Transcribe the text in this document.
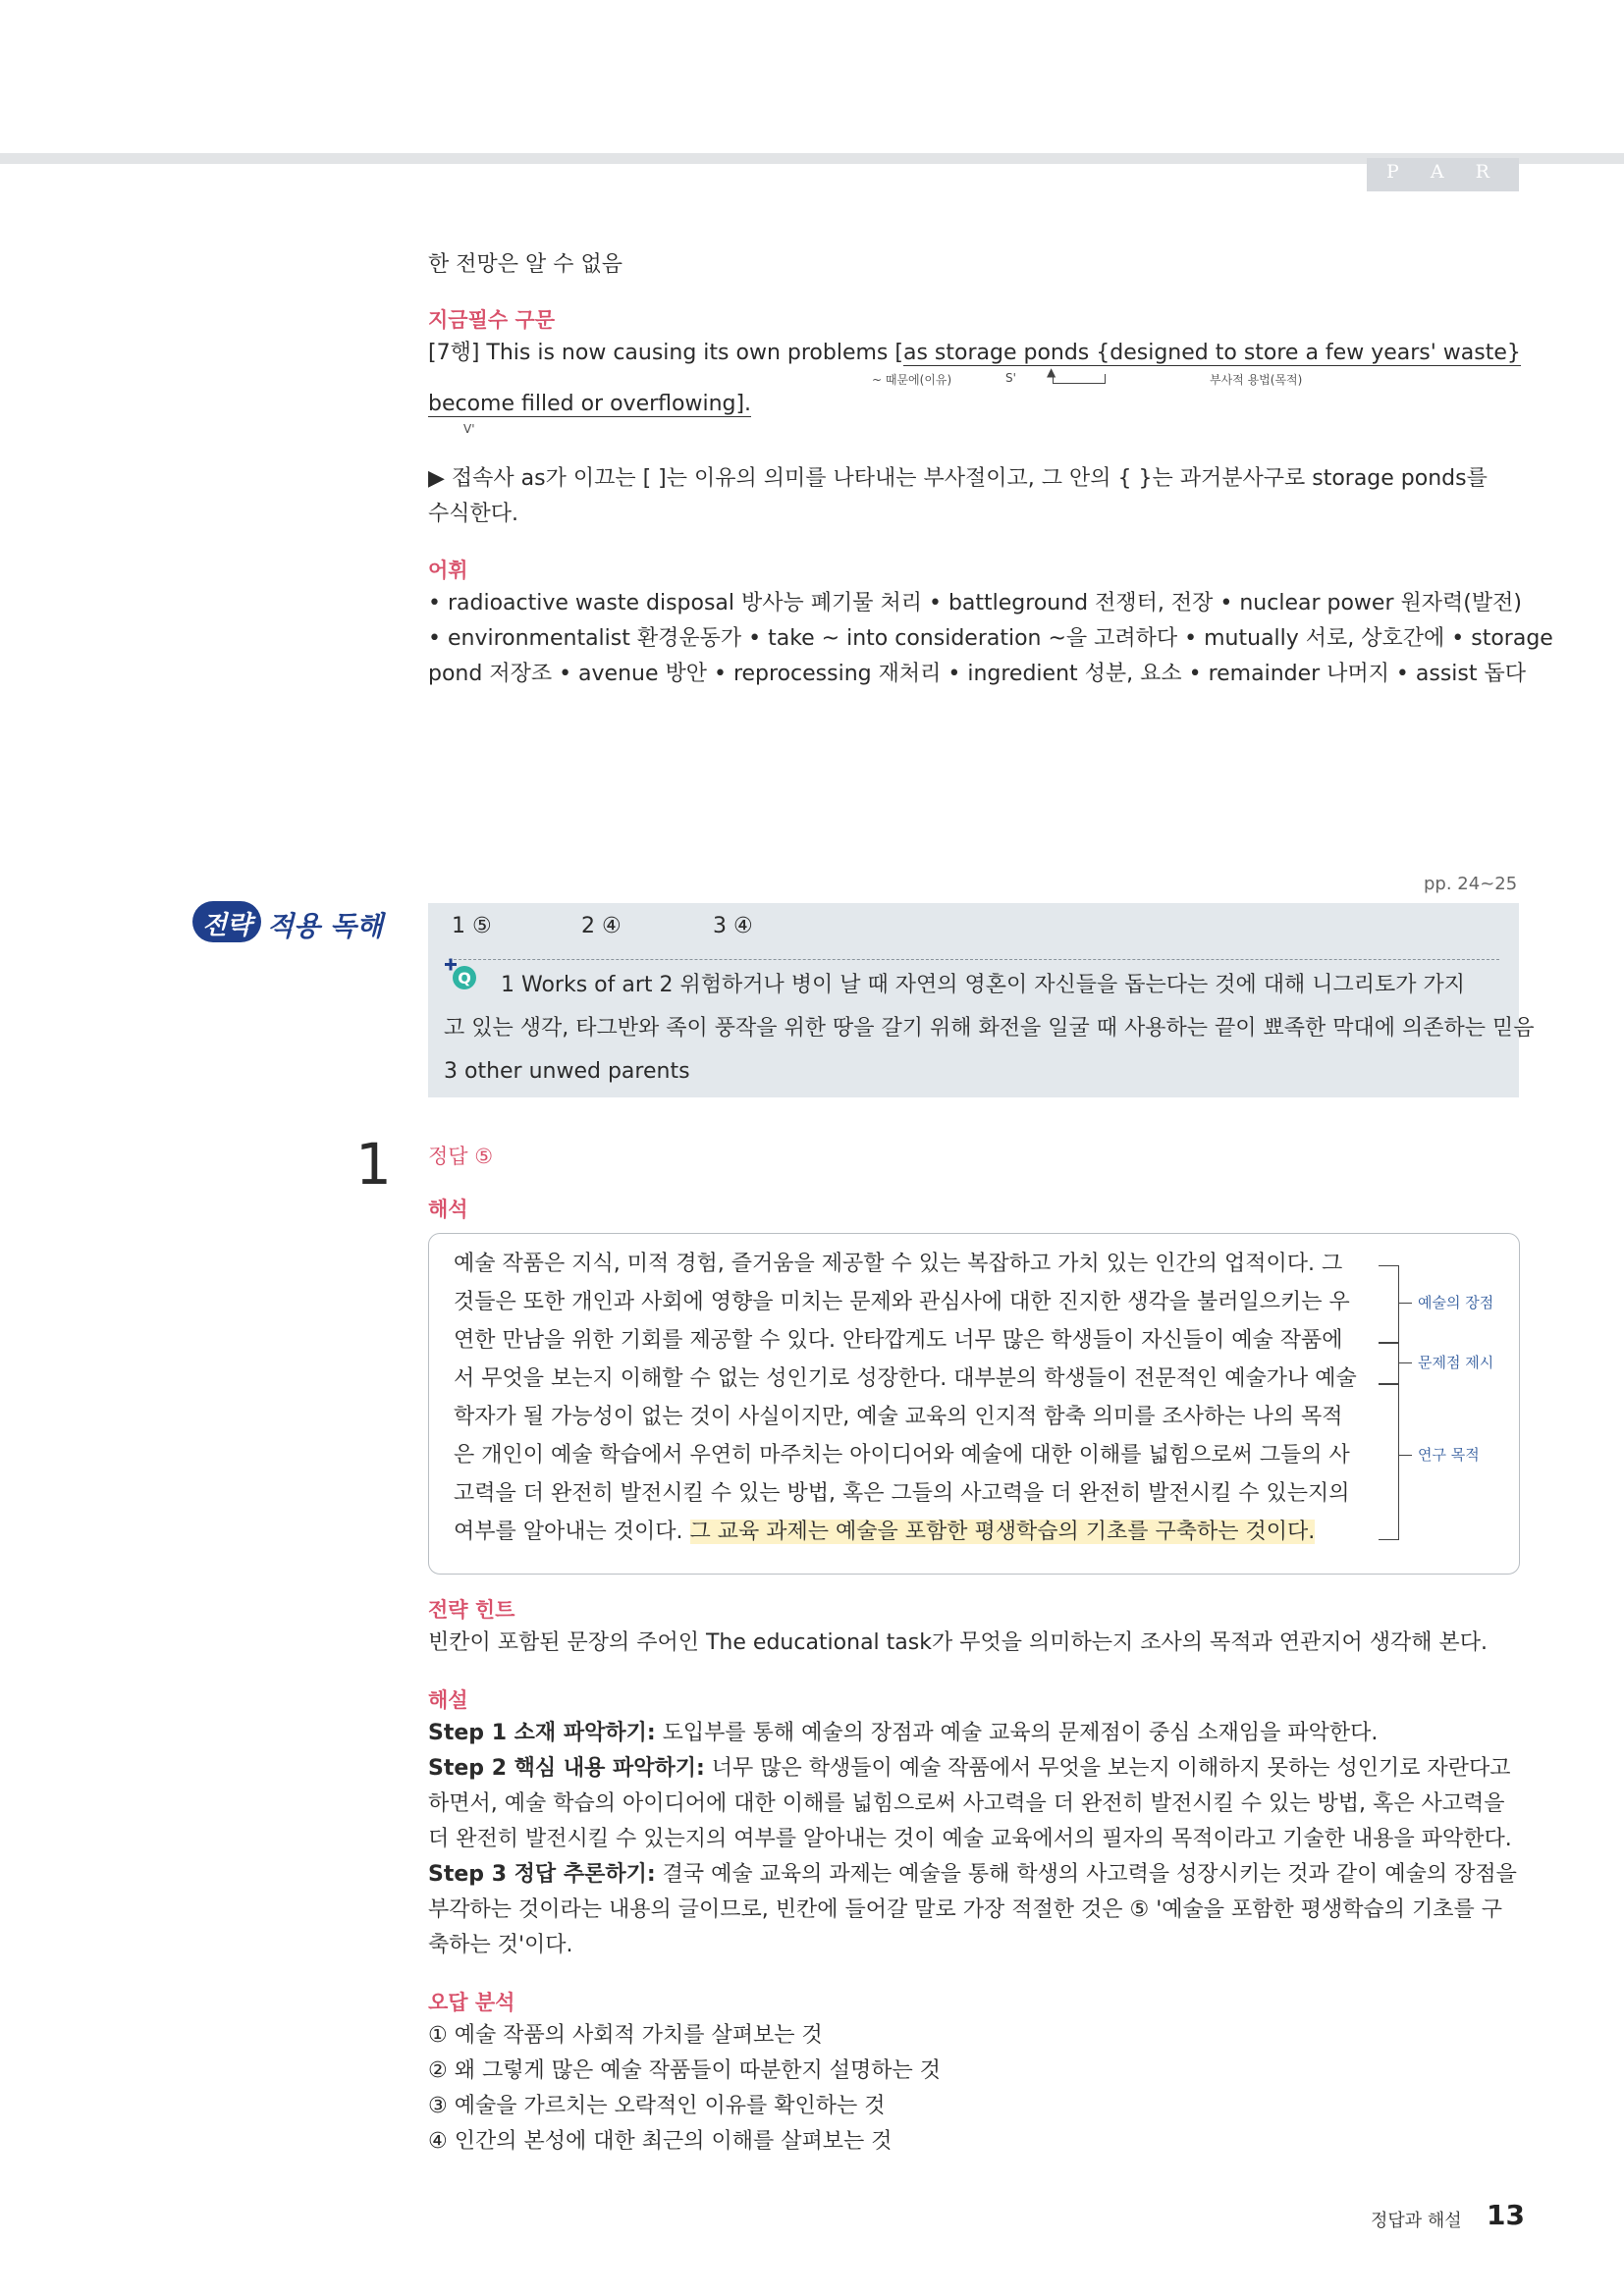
P A R T I
한 전망은 알 수 없음
지금필수 구문
[7행] This is now causing its own problems [as storage ponds {designed to store a few years' waste}
~ 때문에(이유)	S'	부사적 용법(목적)
▲
become filled or overflowing].
V'
▶ 접속사 as가 이끄는 [ ]는 이유의 의미를 나타내는 부사절이고, 그 안의 { }는 과거분사구로 storage ponds를
수식한다.
어휘
• radioactive waste disposal 방사능 폐기물 처리 • battleground 전쟁터, 전장 • nuclear power 원자력(발전)
• environmentalist 환경운동가 • take ~ into consideration ~을 고려하다 • mutually 서로, 상호간에 • storage
pond 저장조 • avenue 방안 • reprocessing 재처리 • ingredient 성분, 요소 • remainder 나머지 • assist 돕다
전략 적용 독해
pp. 24~25
1 ⑤	2 ④	3 ④
Q 1 Works of art 2 위험하거나 병이 날 때 자연의 영혼이 자신들을 돕는다는 것에 대해 니그리토가 가지
고 있는 생각, 타그반와 족이 풍작을 위한 땅을 갈기 위해 화전을 일굴 때 사용하는 끝이 뾰족한 막대에 의존하는 믿음
3 other unwed parents
1 정답 ⑤
해석
예술 작품은 지식, 미적 경험, 즐거움을 제공할 수 있는 복잡하고 가치 있는 인간의 업적이다. 그
것들은 또한 개인과 사회에 영향을 미치는 문제와 관심사에 대한 진지한 생각을 불러일으키는 우
연한 만남을 위한 기회를 제공할 수 있다. 안타깝게도 너무 많은 학생들이 자신들이 예술 작품에
서 무엇을 보는지 이해할 수 없는 성인기로 성장한다. 대부분의 학생들이 전문적인 예술가나 예술
학자가 될 가능성이 없는 것이 사실이지만, 예술 교육의 인지적 함축 의미를 조사하는 나의 목적
은 개인이 예술 학습에서 우연히 마주치는 아이디어와 예술에 대한 이해를 넓힘으로써 그들의 사
고력을 더 완전히 발전시킬 수 있는 방법, 혹은 그들의 사고력을 더 완전히 발전시킬 수 있는지의
여부를 알아내는 것이다. 그 교육 과제는 예술을 포함한 평생학습의 기초를 구축하는 것이다.
예술의 장점
문제점 제시
연구 목적
전략 힌트
빈칸이 포함된 문장의 주어인 The educational task가 무엇을 의미하는지 조사의 목적과 연관지어 생각해 본다.
해설
Step 1 소재 파악하기: 도입부를 통해 예술의 장점과 예술 교육의 문제점이 중심 소재임을 파악한다.
Step 2 핵심 내용 파악하기: 너무 많은 학생들이 예술 작품에서 무엇을 보는지 이해하지 못하는 성인기로 자란다고
하면서, 예술 학습의 아이디어에 대한 이해를 넓힘으로써 사고력을 더 완전히 발전시킬 수 있는 방법, 혹은 사고력을
더 완전히 발전시킬 수 있는지의 여부를 알아내는 것이 예술 교육에서의 필자의 목적이라고 기술한 내용을 파악한다.
Step 3 정답 추론하기: 결국 예술 교육의 과제는 예술을 통해 학생의 사고력을 성장시키는 것과 같이 예술의 장점을
부각하는 것이라는 내용의 글이므로, 빈칸에 들어갈 말로 가장 적절한 것은 ⑤ '예술을 포함한 평생학습의 기초를 구
축하는 것'이다.
오답 분석
① 예술 작품의 사회적 가치를 살펴보는 것
② 왜 그렇게 많은 예술 작품들이 따분한지 설명하는 것
③ 예술을 가르치는 오락적인 이유를 확인하는 것
④ 인간의 본성에 대한 최근의 이해를 살펴보는 것
정답과 해설 13
